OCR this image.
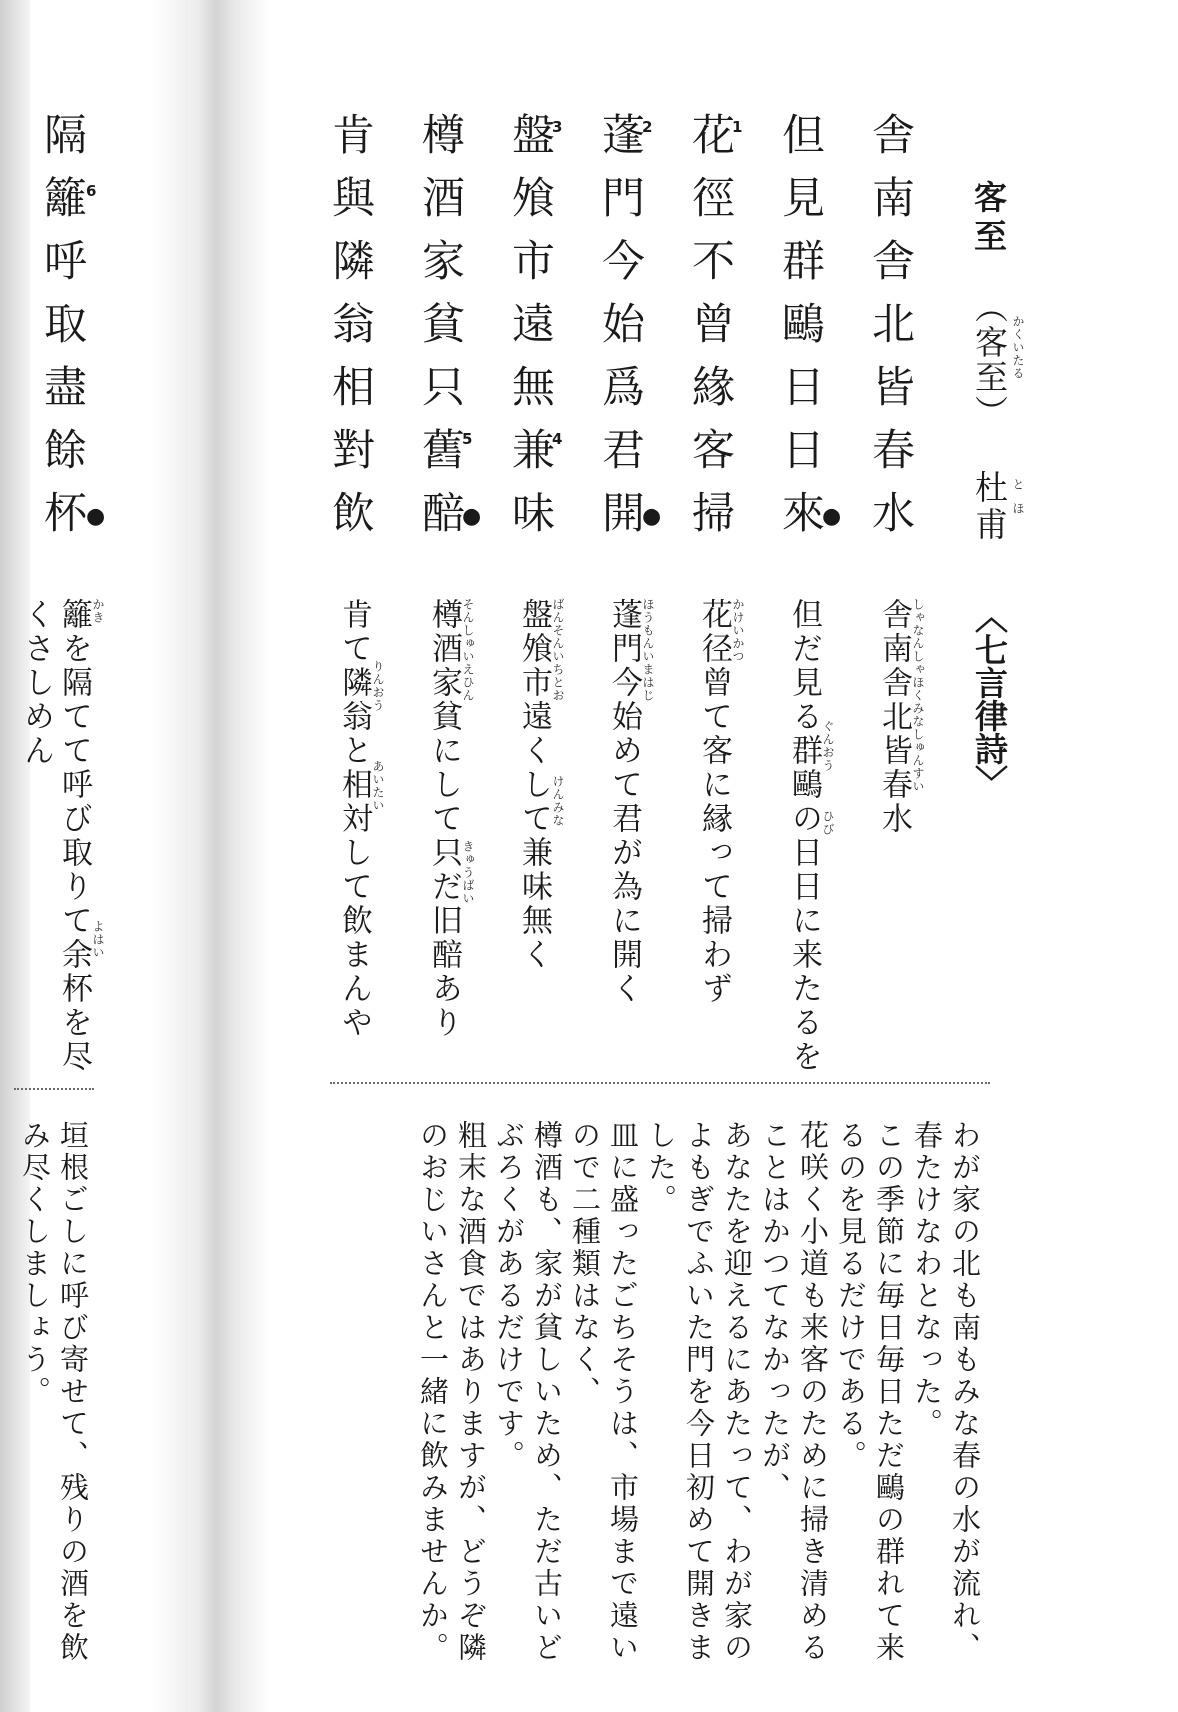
客至
（客至） かくいたる
杜甫 とほ
〈七言律詩〉
舎南舎北皆春水
但見群鷗日日來
花徑不曾緣客掃
蓬門今始爲君開
盤飧市遠無兼味
樽酒家貧只舊醅
肯與隣翁相對飲
隔籬呼取盡餘杯	1
2
3
4
5
6
●
●
●
●
舎南舎北皆春水
但だ見る群鷗の日日に来たるを
花径曾て客に縁って掃わず
蓬門今始めて君が為に開く
盤飧市遠くして兼味無く
樽酒家貧にして只だ旧醅あり
肯て隣翁と相対して飲まんや
籬を隔てて呼び取りて余杯を尽
くさしめん	しゃなんしゃほくみなしゅんすい
ぐんおう
ひび
かけいかつ
ほうもんいまはじ
ばんそんいちとお
けんみな
そんしゅいえひん
きゅうばい
りんおう
あいたい
かき
よはい
わが家の北も南もみな春の水が流れ、
春たけなわとなった。
この季節に毎日毎日ただ鷗の群れて来
るのを見るだけである。
花咲く小道も来客のために掃き清める
ことはかつてなかったが、
あなたを迎えるにあたって、わが家の
よもぎでふいた門を今日初めて開きま
した。
皿に盛ったごちそうは、市場まで遠い
ので二種類はなく、
樽酒も、家が貧しいため、ただ古いど
ぶろくがあるだけです。
粗末な酒食ではありますが、どうぞ隣
のおじいさんと一緒に飲みませんか。
垣根ごしに呼び寄せて、残りの酒を飲
み尽くしましょう。
